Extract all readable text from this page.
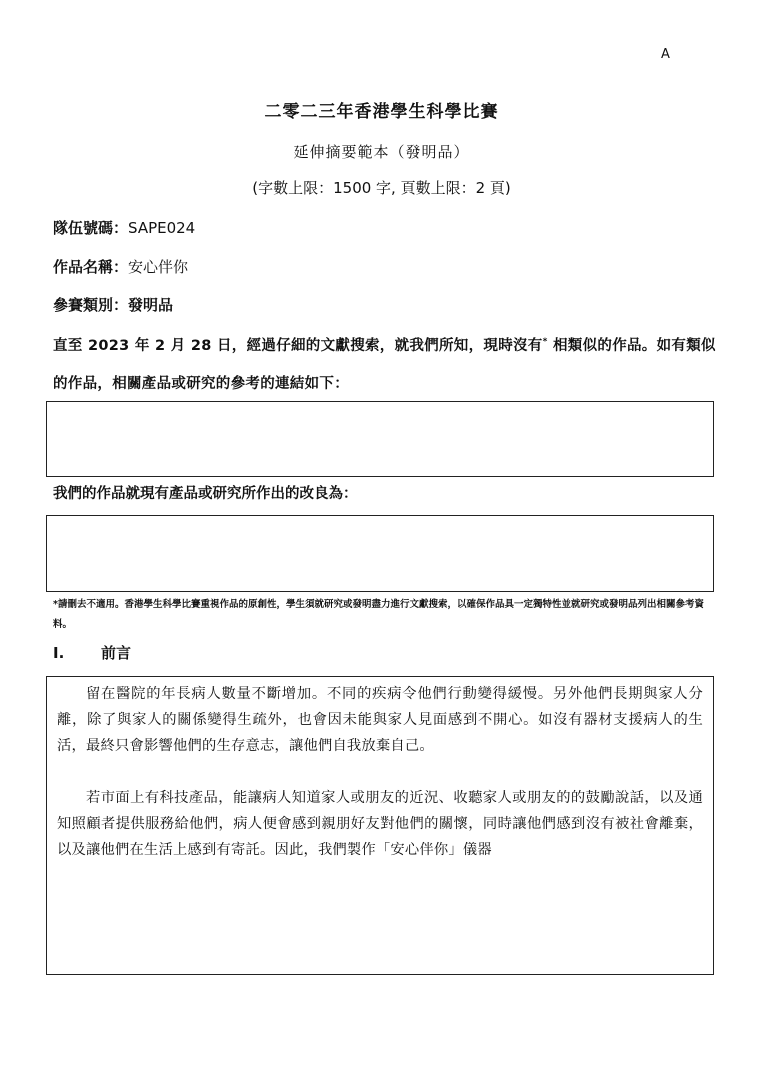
A
二零二三年香港學生科學比賽
延伸摘要範本（發明品）
(字數上限：1500 字, 頁數上限：2 頁)
隊伍號碼：SAPE024
作品名稱：安心伴你
參賽類別：發明品
直至 2023 年 2 月 28 日，經過仔細的文獻搜索，就我們所知，現時沒有* 相類似的作品。如有類似的作品，相關產品或研究的參考的連結如下：
我們的作品就現有產品或研究所作出的改良為：
*請刪去不適用。香港學生科學比賽重視作品的原創性，學生須就研究或發明盡力進行文獻搜索，以確保作品具一定獨特性並就研究或發明品列出相關參考資料。
I. 前言

留在醫院的年長病人數量不斷增加。不同的疾病令他們行動變得緩慢。另外他們長期與家人分離，除了與家人的關係變得生疏外，也會因未能與家人見面感到不開心。如沒有器材支援病人的生活，最終只會影響他們的生存意志，讓他們自我放棄自己。

若市面上有科技產品，能讓病人知道家人或朋友的近況、收聽家人或朋友的的鼓勵說話，以及通知照顧者提供服務給他們，病人便會感到親朋好友對他們的關懷，同時讓他們感到沒有被社會離棄，以及讓他們在生活上感到有寄託。因此，我們製作「安心伴你」儀器
